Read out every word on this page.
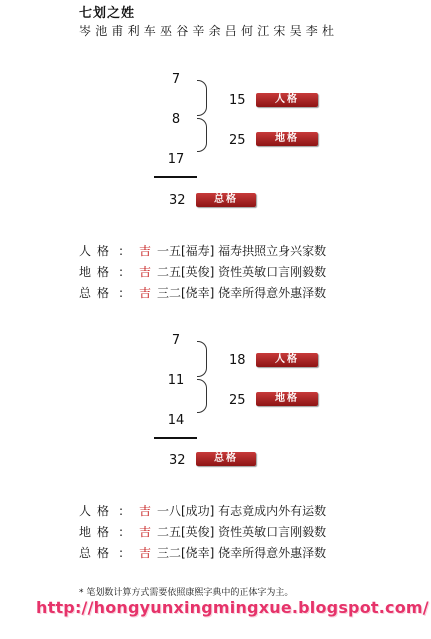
七划之姓
岑池甫利车巫谷辛余吕何江宋吴李杜
7
8
17
15	人格
25	地格
32	总格
人格 : 吉 一五[福寿] 福寿拱照立身兴家数
地格 : 吉 二五[英俊] 资性英敏口言刚毅数
总格 : 吉 三二[侥幸] 侥幸所得意外惠泽数
7
11
14
18	人格
25	地格
32	总格
人格 : 吉 一八[成功] 有志竟成内外有运数
地格 : 吉 二五[英俊] 资性英敏口言刚毅数
总格 : 吉 三二[侥幸] 侥幸所得意外惠泽数
* 笔划数计算方式需要依照康熙字典中的正体字为主。
http://hongyunxingmingxue.blogspot.com/
